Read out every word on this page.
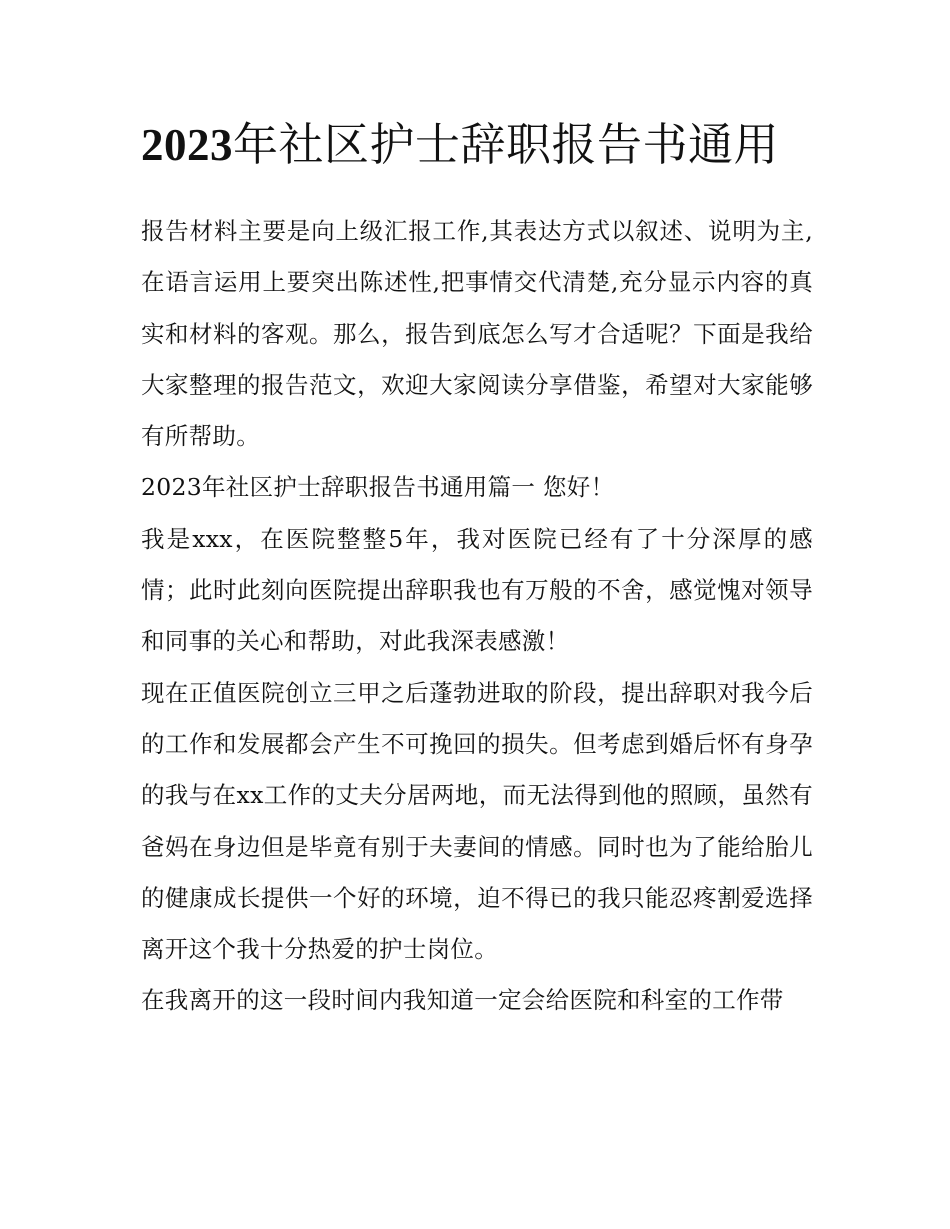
2023年社区护士辞职报告书通用

报告材料主要是向上级汇报工作,其表达方式以叙述、说明为主,在语言运用上要突出陈述性,把事情交代清楚,充分显示内容的真实和材料的客观。那么，报告到底怎么写才合适呢？下面是我给大家整理的报告范文，欢迎大家阅读分享借鉴，希望对大家能够有所帮助。

2023年社区护士辞职报告书通用篇一 您好！

我是xxx，在医院整整5年，我对医院已经有了十分深厚的感情；此时此刻向医院提出辞职我也有万般的不舍，感觉愧对领导和同事的关心和帮助，对此我深表感激！

现在正值医院创立三甲之后蓬勃进取的阶段，提出辞职对我今后的工作和发展都会产生不可挽回的损失。但考虑到婚后怀有身孕的我与在xx工作的丈夫分居两地，而无法得到他的照顾，虽然有爸妈在身边但是毕竟有别于夫妻间的情感。同时也为了能给胎儿的健康成长提供一个好的环境，迫不得已的我只能忍疼割爱选择离开这个我十分热爱的护士岗位。

在我离开的这一段时间内我知道一定会给医院和科室的工作带
